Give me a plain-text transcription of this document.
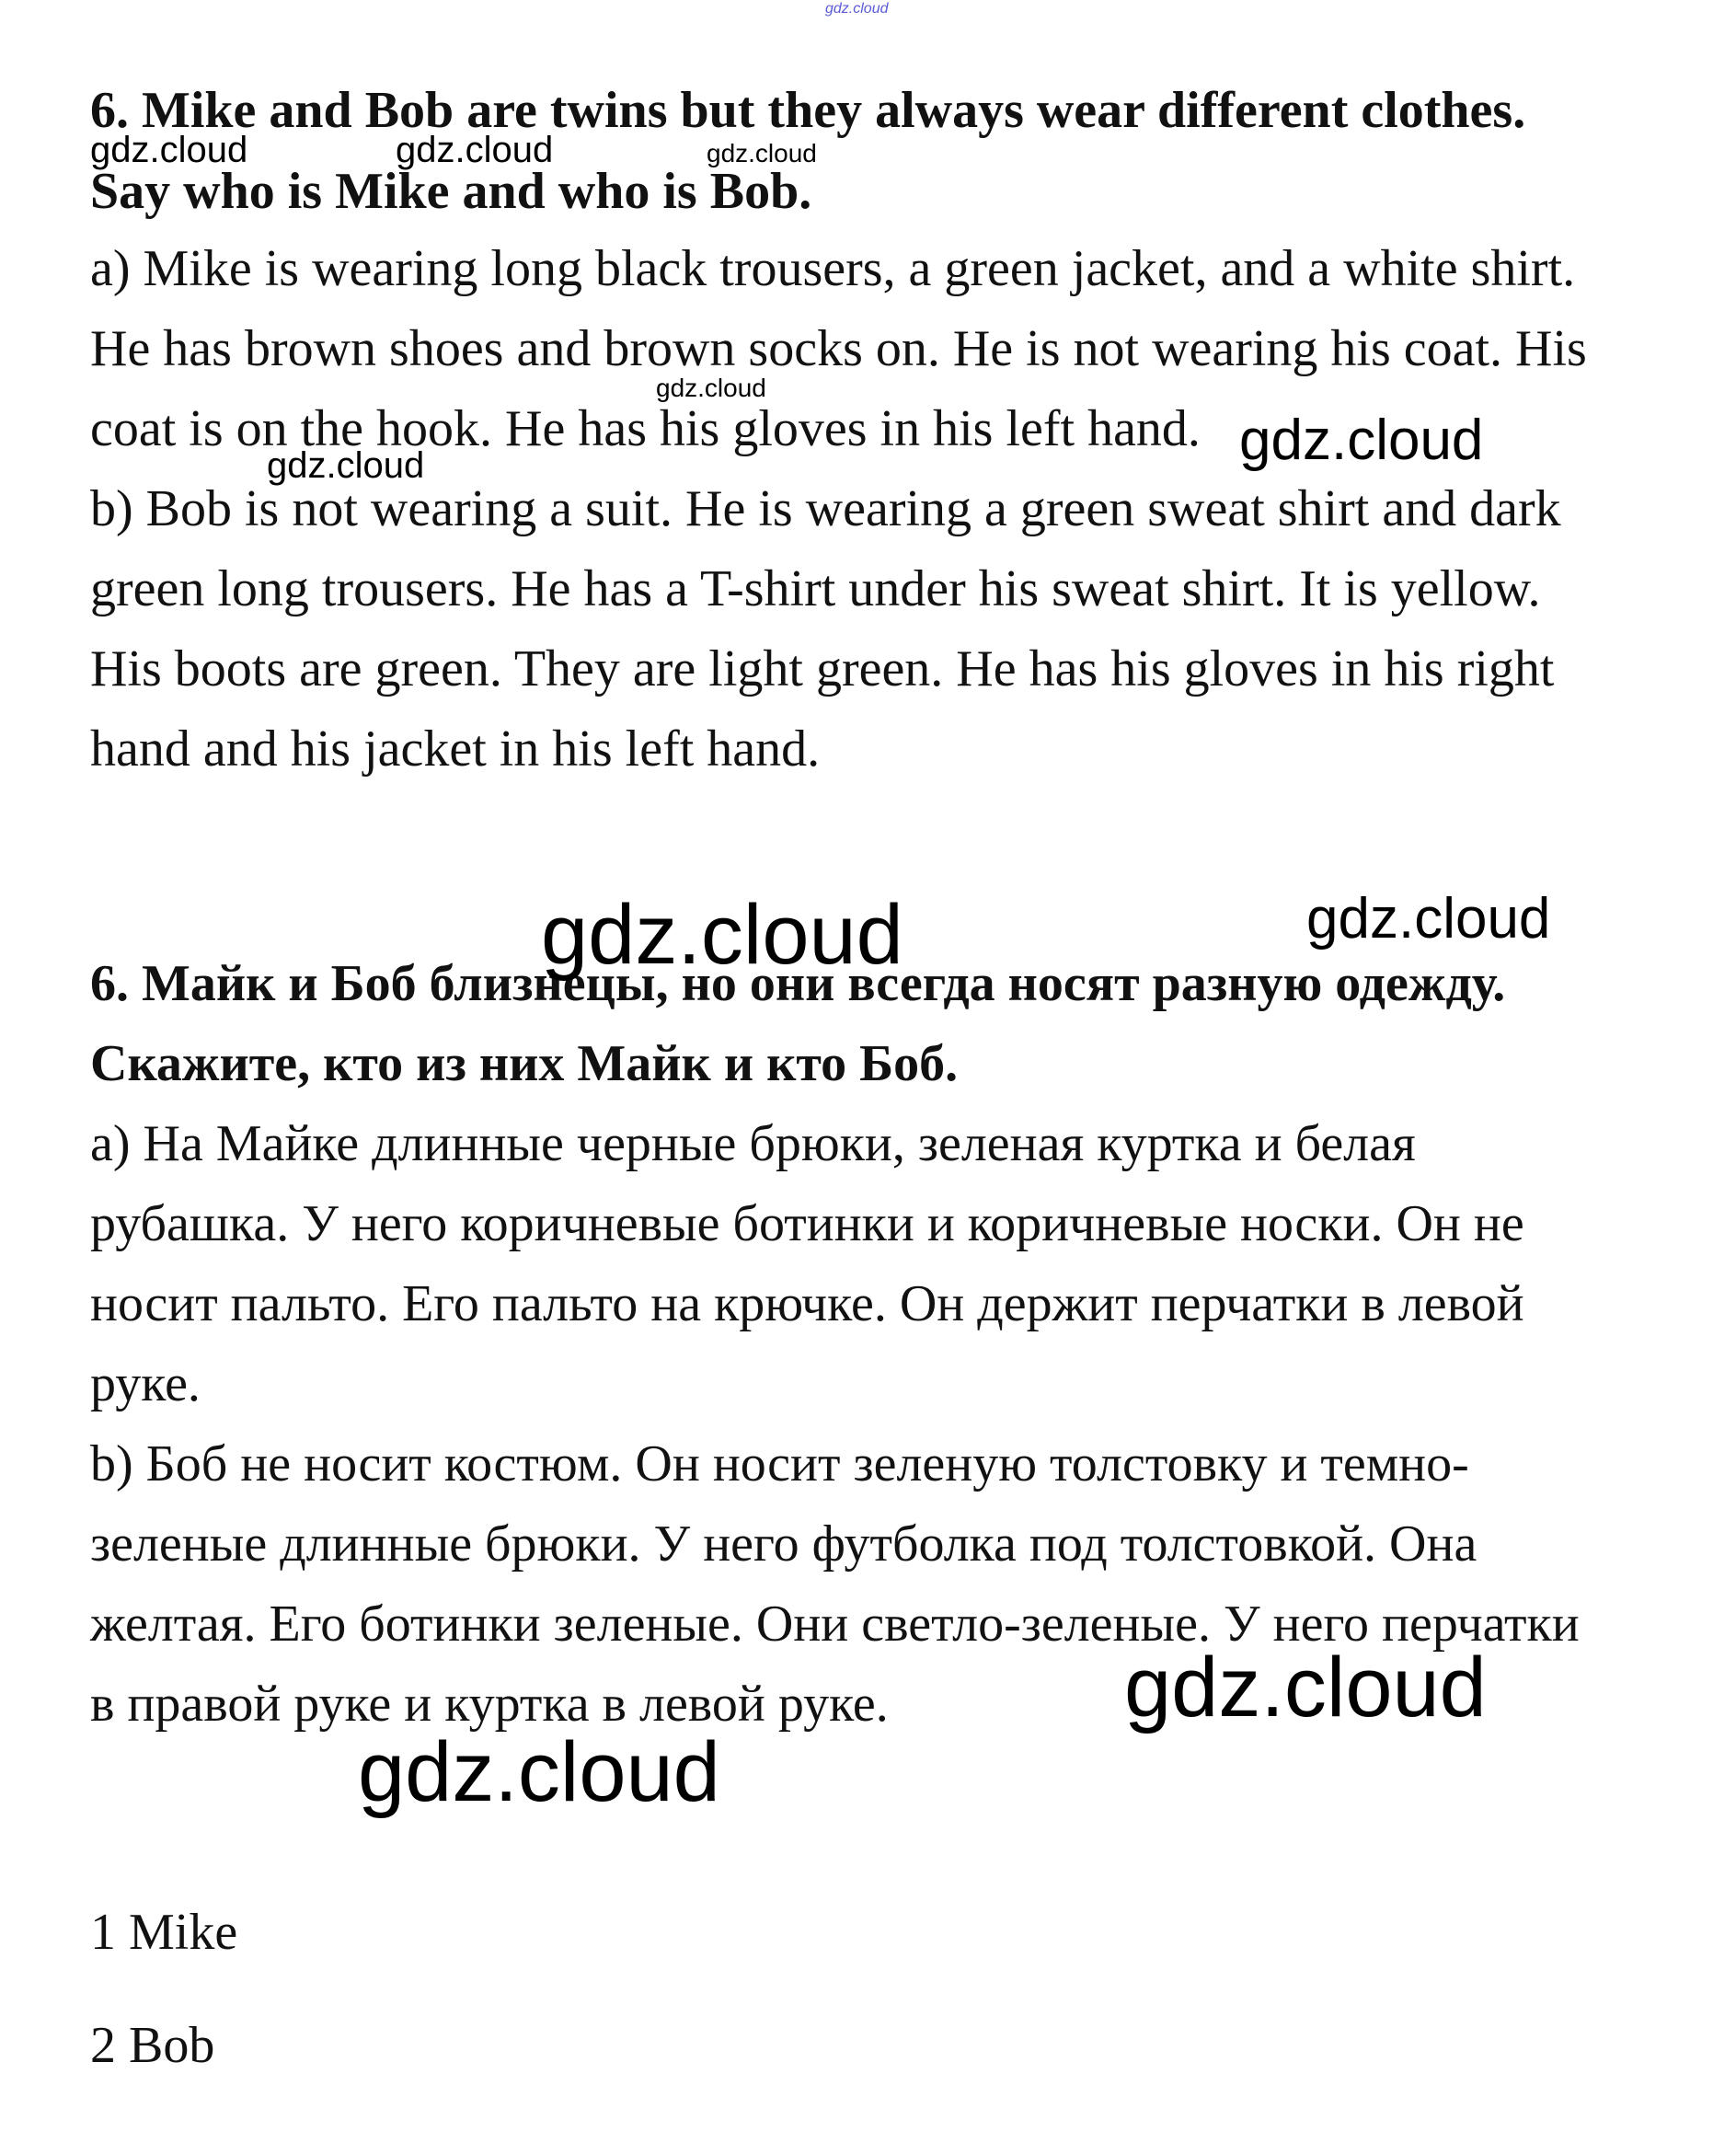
gdz.cloud
6. Mike and Bob are twins but they always wear different clothes.
Say who is Mike and who is Bob.
a) Mike is wearing long black trousers, a green jacket, and a white shirt.
He has brown shoes and brown socks on. He is not wearing his coat. His
coat is on the hook. He has his gloves in his left hand.
b) Bob is not wearing a suit. He is wearing a green sweat shirt and dark
green long trousers. He has a T-shirt under his sweat shirt. It is yellow.
His boots are green. They are light green. He has his gloves in his right
hand and his jacket in his left hand.
6. Майк и Боб близнецы, но они всегда носят разную одежду.
Скажите, кто из них Майк и кто Боб.
a) На Майке длинные черные брюки, зеленая куртка и белая
рубашка. У него коричневые ботинки и коричневые носки. Он не
носит пальто. Его пальто на крючке. Он держит перчатки в левой
руке.
b) Боб не носит костюм. Он носит зеленую толстовку и темно-
зеленые длинные брюки. У него футболка под толстовкой. Она
желтая. Его ботинки зеленые. Они светло-зеленые. У него перчатки
в правой руке и куртка в левой руке.
1 Mike
2 Bob
gdz.cloud	gdz.cloud	gdz.cloud
gdz.cloud
gdz.cloud
gdz.cloud
gdz.cloud	gdz.cloud
gdz.cloud
gdz.cloud
